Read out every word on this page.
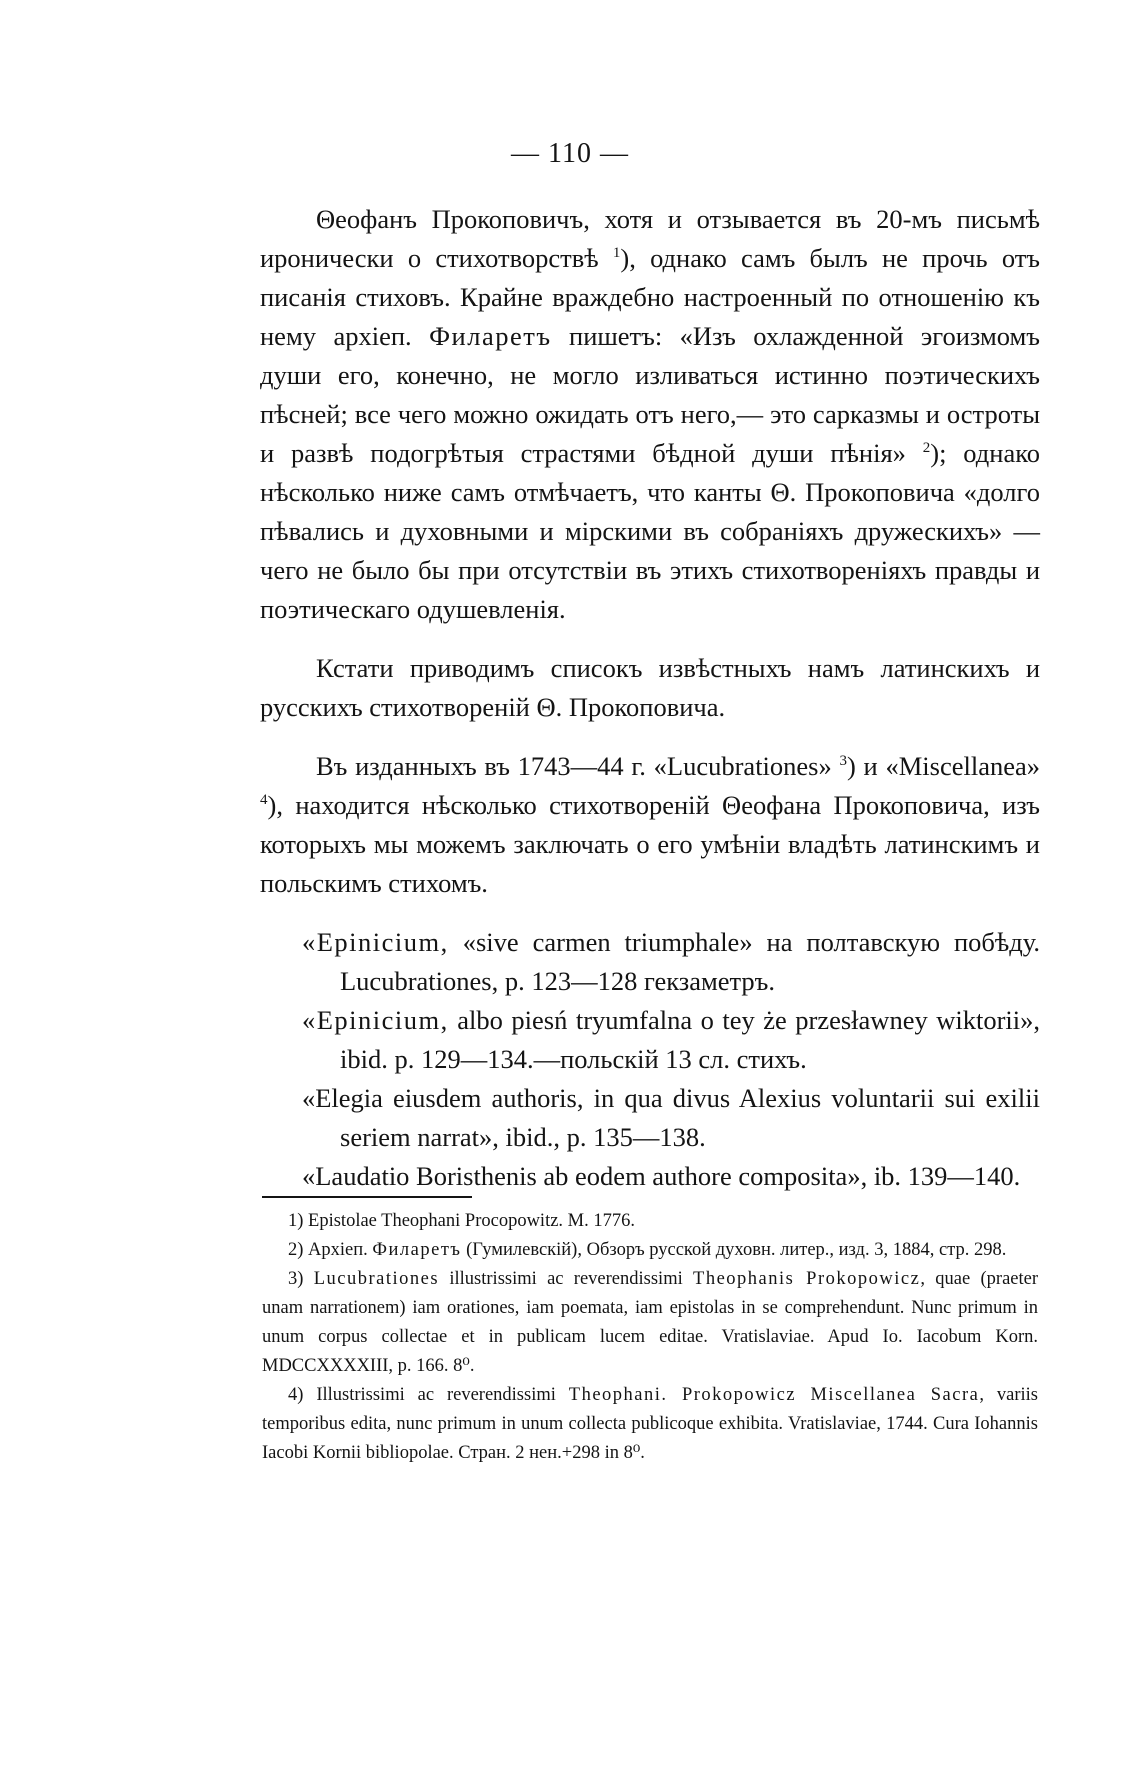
— 110 —

Θеофанъ Прокоповичъ, хотя и отзывается въ 20-мъ письмѣ иронически о стихотворствѣ $^1$), однако самъ былъ не прочь отъ писанія стиховъ. Крайне враждебно настроенный по отношенію къ нему архіеп. Филаретъ пишетъ: «Изъ охлажденной эгоизмомъ души его, конечно, не могло изливаться истинно поэтическихъ пѣсней; все чего можно ожидать отъ него,— это сарказмы и остроты и развѣ подогрѣтыя страстями бѣдной души пѣнія» $^2$); однако нѣсколько ниже самъ отмѣчаетъ, что канты Θ. Прокоповича «долго пѣвались и духовными и мірскими въ собраніяхъ дружескихъ» — чего не было бы при отсутствіи въ этихъ стихотвореніяхъ правды и поэтическаго одушевленія.

Кстати приводимъ списокъ извѣстныхъ намъ латинскихъ и русскихъ стихотвореній Θ. Прокоповича.

Въ изданныхъ въ 1743—44 г. «Lucubrationes» $^3$) и «Miscellanea» $^4$), находится нѣсколько стихотвореній Θеофана Прокоповича, изъ которыхъ мы можемъ заключать о его умѣніи владѣть латинскимъ и польскимъ стихомъ.

«Epinicium, «sive carmen triumphale» на полтавскую побѣду. Lucubrationes, p. 123—128 гекзаметръ.

«Epinicium, albo piesń tryumfalna o tey że przesławney wiktorii», ibid. p. 129—134.—польскій 13 сл. стихъ.

«Elegia eiusdem authoris, in qua divus Alexius voluntarii sui exilii seriem narrat», ibid., p. 135—138.

«Laudatio Boristhenis ab eodem authore composita», ib. 139—140.

1) Epistolae Theophani Procopowitz. M. 1776.

2) Архіеп. Филаретъ (Гумилевскій), Обзоръ русской духовн. литер., изд. 3, 1884, стр. 298.

3) Lucubrationes illustrissimi ac reverendissimi Theophanis Prokopowicz, quae (praeter unam narrationem) iam orationes, iam poemata, iam epistolas in se comprehendunt. Nunc primum in unum corpus collectae et in publicam lucem editae. Vratislaviae. Apud Io. Iacobum Korn. MDCCXXXXIII, p. 166. 8⁰.

4) Illustrissimi ac reverendissimi Theophani. Prokopowicz Miscellanea Sacra, variis temporibus edita, nunc primum in unum collecta publicoque exhibita. Vratislaviae, 1744. Cura Iohannis Iacobi Kornii bibliopolae. Стран. 2 нен.+298 in 8⁰.
